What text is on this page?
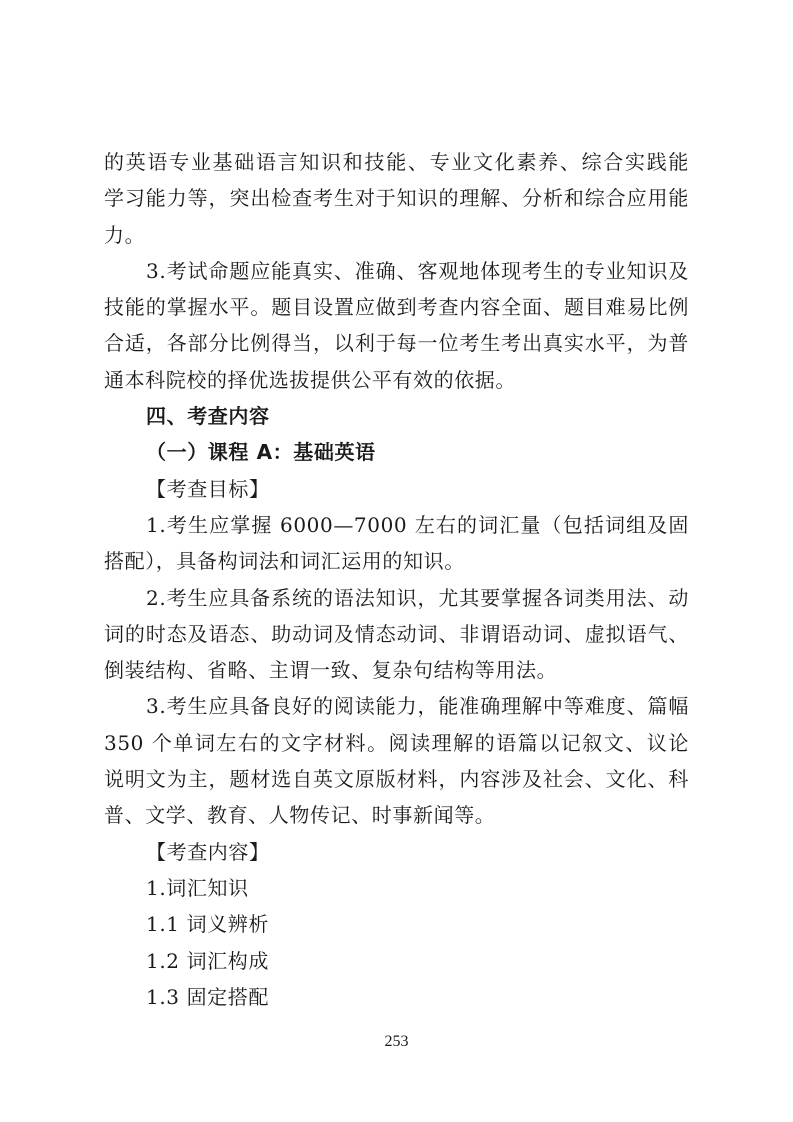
的英语专业基础语言知识和技能、专业文化素养、综合实践能
学习能力等，突出检查考生对于知识的理解、分析和综合应用能
力。
3.考试命题应能真实、准确、客观地体现考生的专业知识及
技能的掌握水平。题目设置应做到考查内容全面、题目难易比例
合适，各部分比例得当，以利于每一位考生考出真实水平，为普
通本科院校的择优选拔提供公平有效的依据。
四、考查内容
（一）课程 A：基础英语
【考查目标】
1.考生应掌握 6000—7000 左右的词汇量（包括词组及固
搭配），具备构词法和词汇运用的知识。
2.考生应具备系统的语法知识，尤其要掌握各词类用法、动
词的时态及语态、助动词及情态动词、非谓语动词、虚拟语气、
倒装结构、省略、主谓一致、复杂句结构等用法。
3.考生应具备良好的阅读能力，能准确理解中等难度、篇幅
350 个单词左右的文字材料。阅读理解的语篇以记叙文、议论
说明文为主，题材选自英文原版材料，内容涉及社会、文化、科
普、文学、教育、人物传记、时事新闻等。
【考查内容】
1.词汇知识
1.1 词义辨析
1.2 词汇构成
1.3 固定搭配
253
